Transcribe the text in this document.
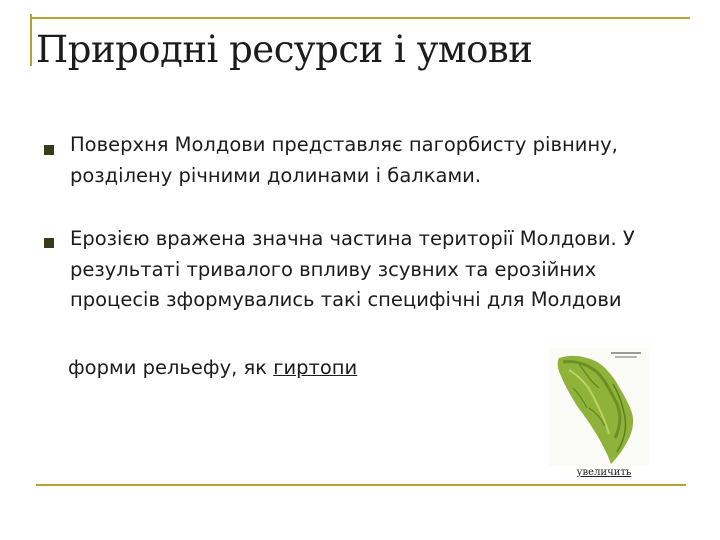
Природні ресурси і умови

Поверхня Молдови представляє пагорбисту рівнину, розділену річними долинами і балками.

Ерозією вражена значна частина території Молдови. У результаті тривалого впливу зсувних та ерозійних процесів зформувались такі специфічні для Молдови

форми рельефу, як гиртопи

увеличить
